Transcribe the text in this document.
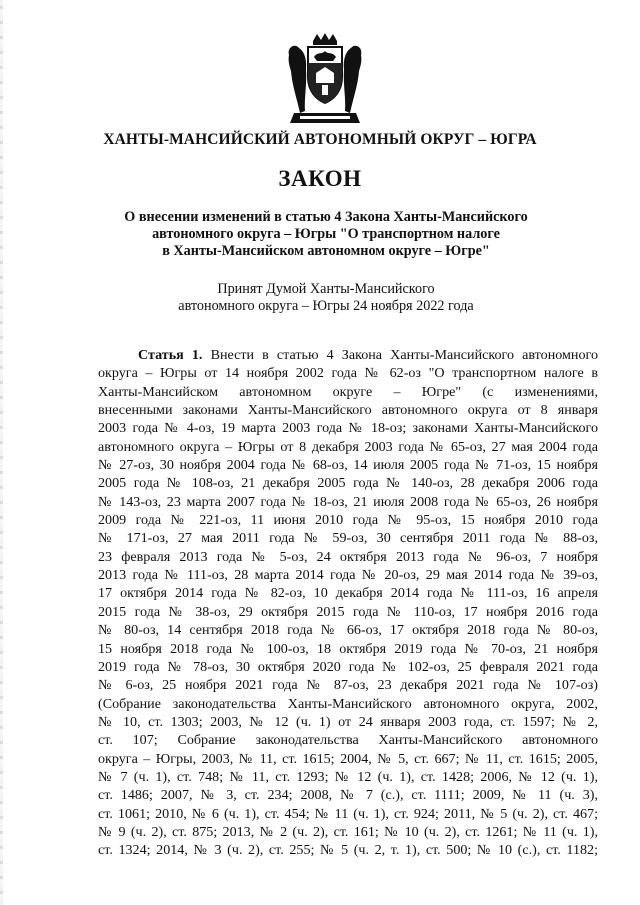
ХАНТЫ-МАНСИЙСКИЙ АВТОНОМНЫЙ ОКРУГ – ЮГРА
ЗАКОН
О внесении изменений в статью 4 Закона Ханты-Мансийского
автономного округа – Югры "О транспортном налоге
в Ханты-Мансийском автономном округе – Югре"
Принят Думой Ханты-Мансийского
автономного округа – Югры 24 ноября 2022 года
Статья 1. Внести в статью 4 Закона Ханты-Мансийского автономного
округа – Югры от 14 ноября 2002 года № 62-оз "О транспортном налоге в
Ханты-Мансийском автономном округе – Югре" (с изменениями,
внесенными законами Ханты-Мансийского автономного округа от 8 января
2003 года № 4-оз, 19 марта 2003 года № 18-оз; законами Ханты-Мансийского
автономного округа – Югры от 8 декабря 2003 года № 65-оз, 27 мая 2004 года
№ 27-оз, 30 ноября 2004 года № 68-оз, 14 июля 2005 года № 71-оз, 15 ноября
2005 года № 108-оз, 21 декабря 2005 года № 140-оз, 28 декабря 2006 года
№ 143-оз, 23 марта 2007 года № 18-оз, 21 июля 2008 года № 65-оз, 26 ноября
2009 года № 221-оз, 11 июня 2010 года № 95-оз, 15 ноября 2010 года
№ 171-оз, 27 мая 2011 года № 59-оз, 30 сентября 2011 года № 88-оз,
23 февраля 2013 года № 5-оз, 24 октября 2013 года № 96-оз, 7 ноября
2013 года № 111-оз, 28 марта 2014 года № 20-оз, 29 мая 2014 года № 39-оз,
17 октября 2014 года № 82-оз, 10 декабря 2014 года № 111-оз, 16 апреля
2015 года № 38-оз, 29 октября 2015 года № 110-оз, 17 ноября 2016 года
№ 80-оз, 14 сентября 2018 года № 66-оз, 17 октября 2018 года № 80-оз,
15 ноября 2018 года № 100-оз, 18 октября 2019 года № 70-оз, 21 ноября
2019 года № 78-оз, 30 октября 2020 года № 102-оз, 25 февраля 2021 года
№ 6-оз, 25 ноября 2021 года № 87-оз, 23 декабря 2021 года № 107-оз)
(Собрание законодательства Ханты-Мансийского автономного округа, 2002,
№ 10, ст. 1303; 2003, № 12 (ч. 1) от 24 января 2003 года, ст. 1597; № 2,
ст. 107; Собрание законодательства Ханты-Мансийского автономного
округа – Югры, 2003, № 11, ст. 1615; 2004, № 5, ст. 667; № 11, ст. 1615; 2005,
№ 7 (ч. 1), ст. 748; № 11, ст. 1293; № 12 (ч. 1), ст. 1428; 2006, № 12 (ч. 1),
ст. 1486; 2007, № 3, ст. 234; 2008, № 7 (с.), ст. 1111; 2009, № 11 (ч. 3),
ст. 1061; 2010, № 6 (ч. 1), ст. 454; № 11 (ч. 1), ст. 924; 2011, № 5 (ч. 2), ст. 467;
№ 9 (ч. 2), ст. 875; 2013, № 2 (ч. 2), ст. 161; № 10 (ч. 2), ст. 1261; № 11 (ч. 1),
ст. 1324; 2014, № 3 (ч. 2), ст. 255; № 5 (ч. 2, т. 1), ст. 500; № 10 (с.), ст. 1182;
